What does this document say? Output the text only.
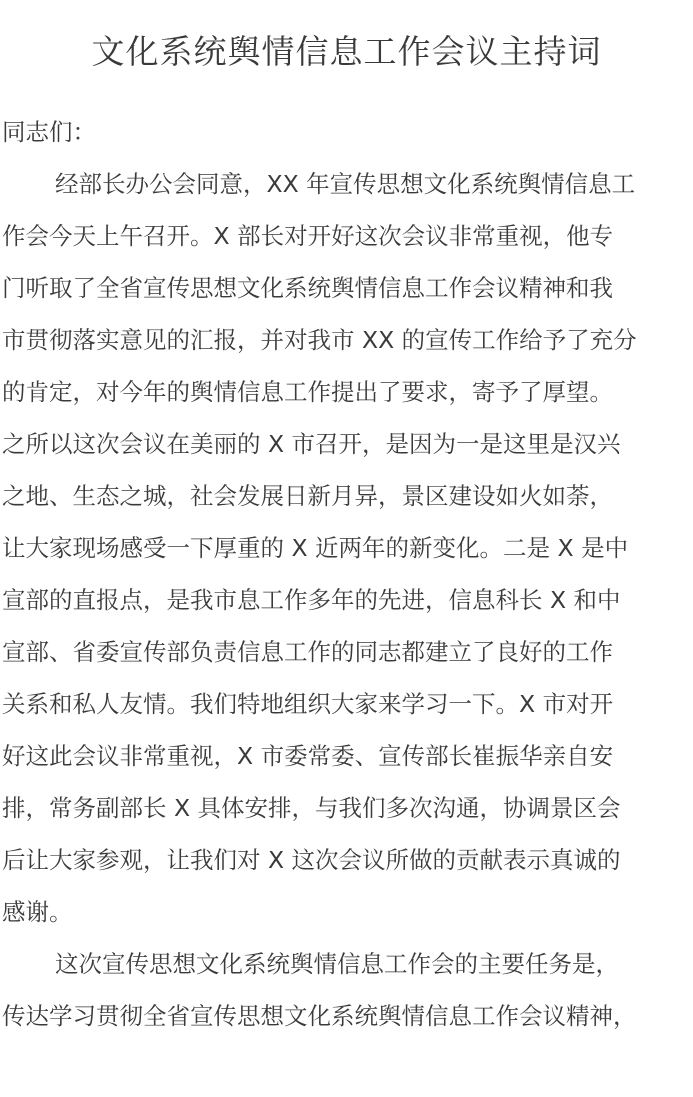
文化系统舆情信息工作会议主持词
同志们：
经部长办公会同意，XX 年宣传思想文化系统舆情信息工
作会今天上午召开。X 部长对开好这次会议非常重视，他专
门听取了全省宣传思想文化系统舆情信息工作会议精神和我
市贯彻落实意见的汇报，并对我市 XX 的宣传工作给予了充分
的肯定，对今年的舆情信息工作提出了要求，寄予了厚望。
之所以这次会议在美丽的 X 市召开，是因为一是这里是汉兴
之地、生态之城，社会发展日新月异，景区建设如火如荼，
让大家现场感受一下厚重的 X 近两年的新变化。二是 X 是中
宣部的直报点，是我市息工作多年的先进，信息科长 X 和中
宣部、省委宣传部负责信息工作的同志都建立了良好的工作
关系和私人友情。我们特地组织大家来学习一下。X 市对开
好这此会议非常重视，X 市委常委、宣传部长崔振华亲自安
排，常务副部长 X 具体安排，与我们多次沟通，协调景区会
后让大家参观，让我们对 X 这次会议所做的贡献表示真诚的
感谢。
这次宣传思想文化系统舆情信息工作会的主要任务是，
传达学习贯彻全省宣传思想文化系统舆情信息工作会议精神，
